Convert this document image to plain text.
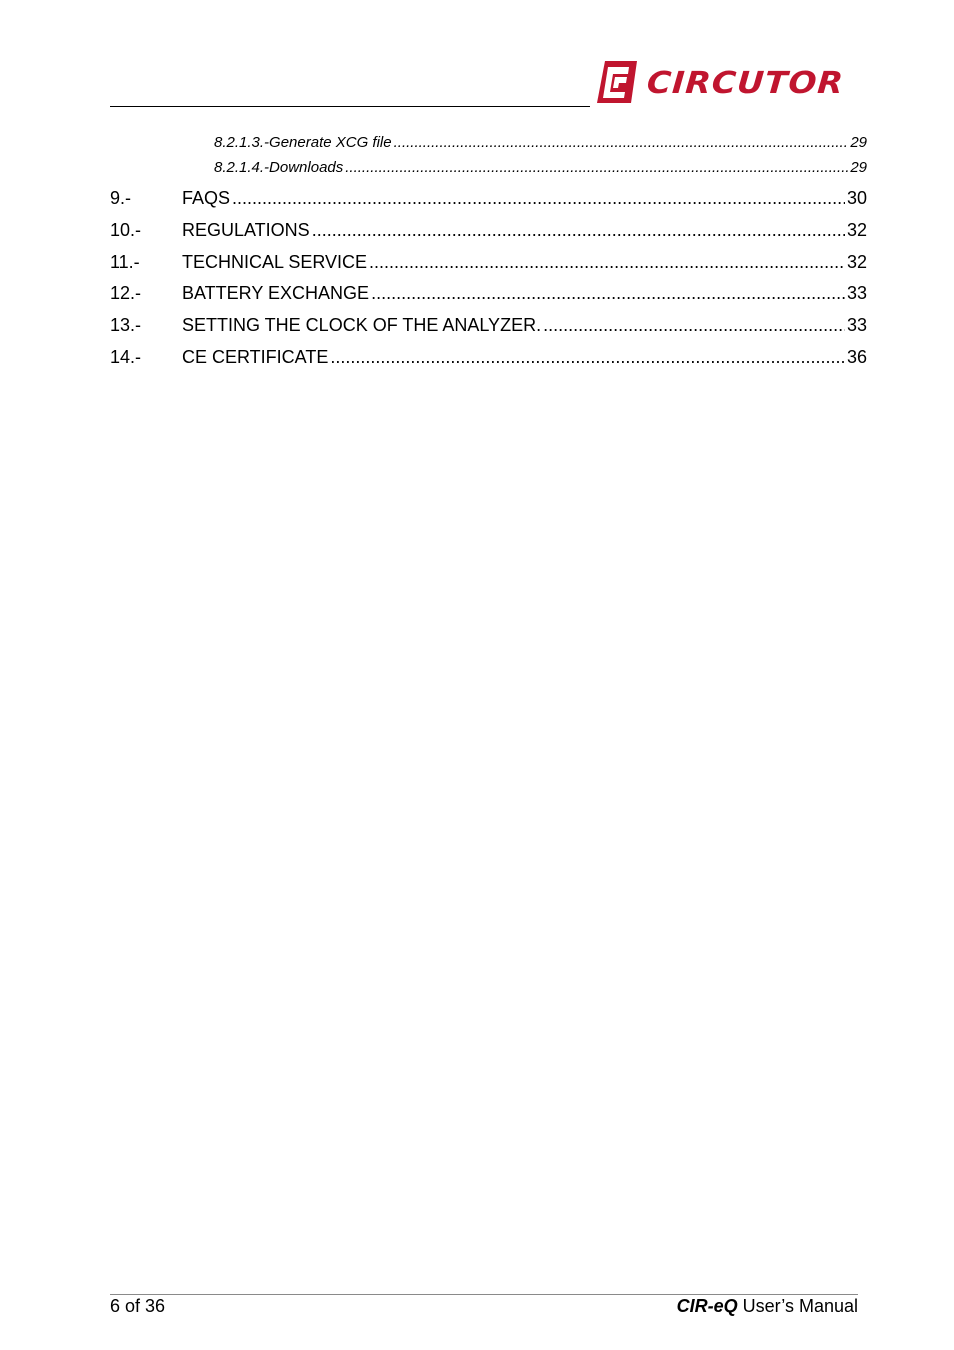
CIRCUTOR
8.2.1.3.- Generate XCG file .....	29
8.2.1.4.- Downloads .....	29
9.-	FAQS .....	30
10.-	REGULATIONS .....	32
11.-	TECHNICAL SERVICE .....	32
12.-	BATTERY EXCHANGE .....	33
13.-	SETTING THE CLOCK OF THE ANALYZER. .....	33
14.-	CE CERTIFICATE .....	36
6 of 36	CIR-eQ User’s Manual
